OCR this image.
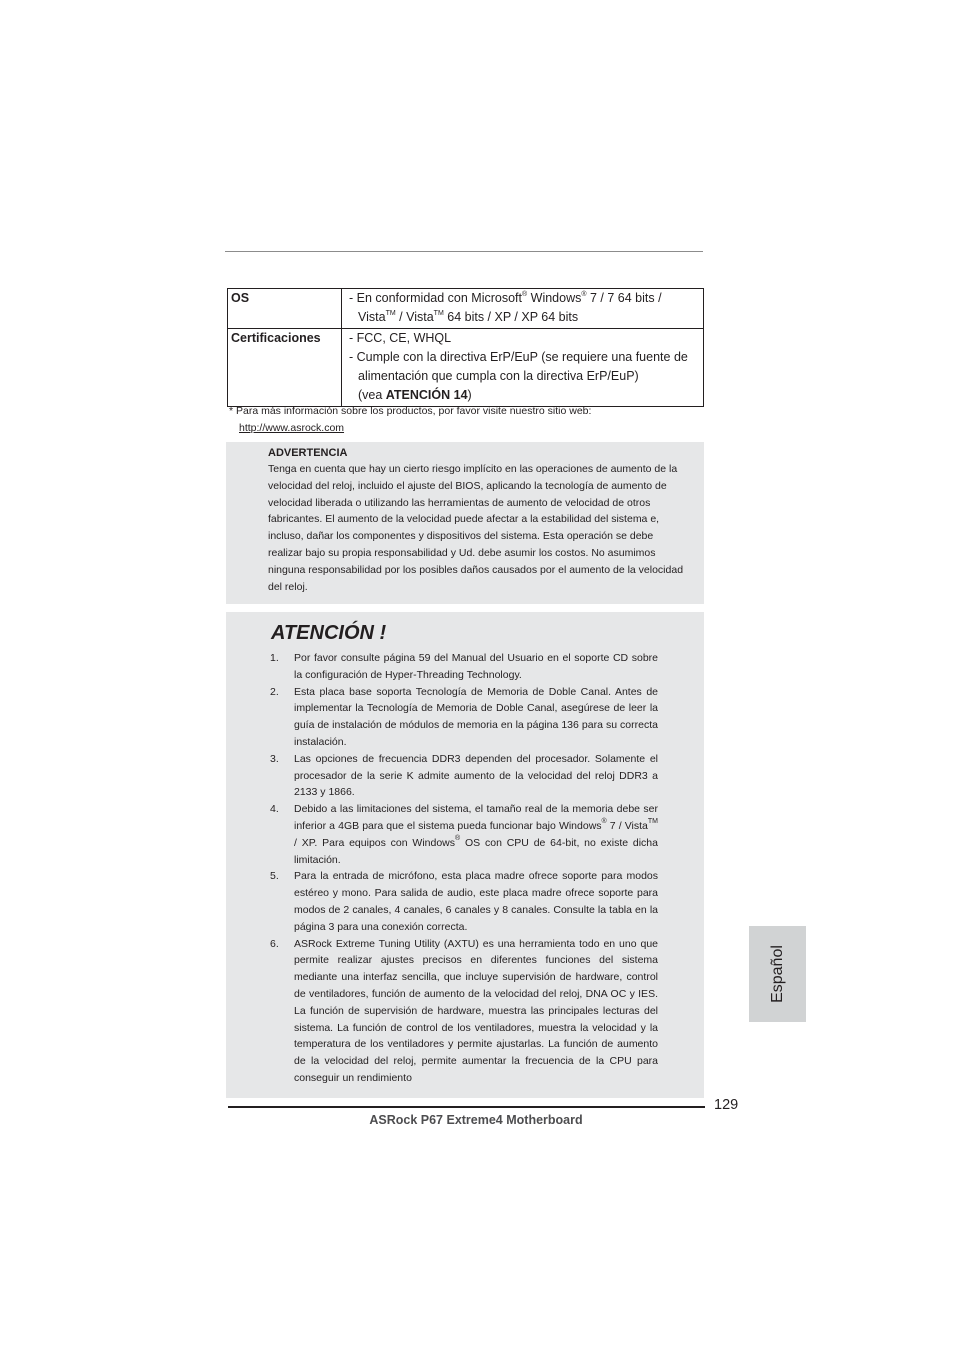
OS	- En conformidad con Microsoft® Windows® 7 / 7 64 bits /

Vista™ / Vista™ 64 bits / XP / XP 64 bits

Certificaciones	- FCC, CE, WHQL

- Cumple con la directiva ErP/EuP (se requiere una fuente de

alimentación que cumpla con la directiva ErP/EuP)

(vea ATENCIÓN 14)

* Para más información sobre los productos, por favor visite nuestro sitio web:
http://www.asrock.com
ADVERTENCIA
Tenga en cuenta que hay un cierto riesgo implícito en las operaciones de aumento de la velocidad del reloj, incluido el ajuste del BIOS, aplicando la tecnología de aumento de velocidad liberada o utilizando las herramientas de aumento de velocidad de otros fabricantes. El aumento de la velocidad puede afectar a la estabilidad del sistema e, incluso, dañar los componentes y dispositivos del sistema. Esta operación se debe realizar bajo su propia responsabilidad y Ud. debe asumir los costos. No asumimos ninguna responsabilidad por los posibles daños causados por el aumento de la velocidad del reloj.
ATENCIÓN !
1. Por favor consulte página 59 del Manual del Usuario en el soporte CD sobre la configuración de Hyper-Threading Technology.
2. Esta placa base soporta Tecnología de Memoria de Doble Canal. Antes de implementar la Tecnología de Memoria de Doble Canal, asegúrese de leer la guía de instalación de módulos de memoria en la página 136 para su correcta instalación.
3. Las opciones de frecuencia DDR3 dependen del procesador. Solamente el procesador de la serie K admite aumento de la velocidad del reloj DDR3 a 2133 y 1866.
4. Debido a las limitaciones del sistema, el tamaño real de la memoria debe ser inferior a 4GB para que el sistema pueda funcionar bajo Windows® 7 / Vista™ / XP. Para equipos con Windows® OS con CPU de 64-bit, no existe dicha limitación.
5. Para la entrada de micrófono, esta placa madre ofrece soporte para modos estéreo y mono. Para salida de audio, este placa madre ofrece soporte para modos de 2 canales, 4 canales, 6 canales y 8 canales. Consulte la tabla en la página 3 para una conexión correcta.
6. ASRock Extreme Tuning Utility (AXTU) es una herramienta todo en uno que permite realizar ajustes precisos en diferentes funciones del sistema mediante una interfaz sencilla, que incluye supervisión de hardware, control de ventiladores, función de aumento de la velocidad del reloj, DNA OC y IES. La función de supervisión de hardware, muestra las principales lecturas del sistema. La función de control de los ventiladores, muestra la velocidad y la temperatura de los ventiladores y permite ajustarlas. La función de aumento de la velocidad del reloj, permite aumentar la frecuencia de la CPU para conseguir un rendimiento
Español
129
ASRock P67 Extreme4 Motherboard
